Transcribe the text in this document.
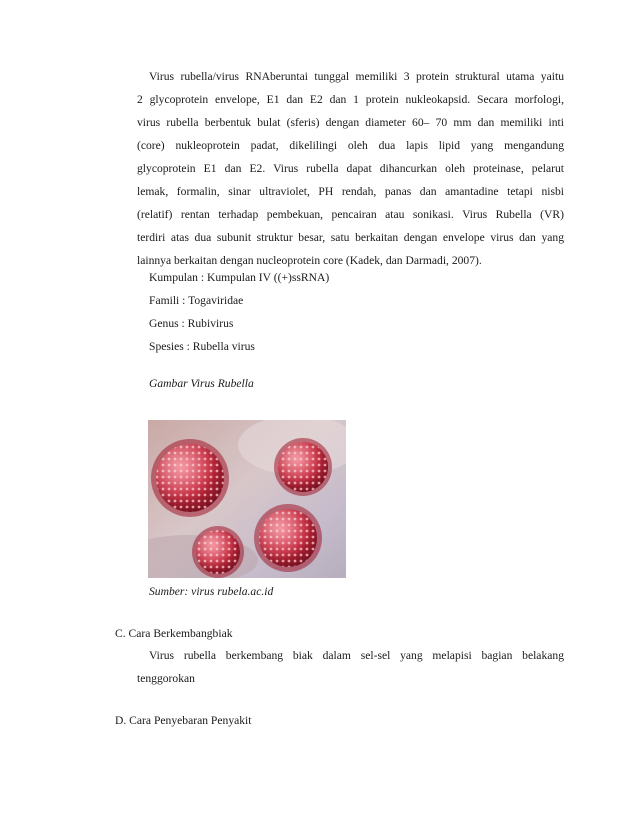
Virus rubella/virus RNAberuntai tunggal memiliki 3 protein struktural utama yaitu
2 glycoprotein envelope, E1 dan E2 dan 1 protein nukleokapsid. Secara morfologi,
virus rubella berbentuk bulat (sferis) dengan diameter 60– 70 mm dan memiliki inti
(core) nukleoprotein padat, dikelilingi oleh dua lapis lipid yang mengandung
glycoprotein E1 dan E2. Virus rubella dapat dihancurkan oleh proteinase, pelarut
lemak, formalin, sinar ultraviolet, PH rendah, panas dan amantadine tetapi nisbi
(relatif) rentan terhadap pembekuan, pencairan atau sonikasi. Virus Rubella (VR)
terdiri atas dua subunit struktur besar, satu berkaitan dengan envelope virus dan yang
lainnya berkaitan dengan nucleoprotein core (Kadek, dan Darmadi, 2007).
Kumpulan : Kumpulan IV ((+)ssRNA)
Famili : Togaviridae
Genus : Rubivirus
Spesies : Rubella virus
Gambar Virus Rubella
Sumber: virus rubela.ac.id
C. Cara Berkembangbiak
Virus rubella berkembang biak dalam sel-sel yang melapisi bagian belakang
tenggorokan
D. Cara Penyebaran Penyakit
